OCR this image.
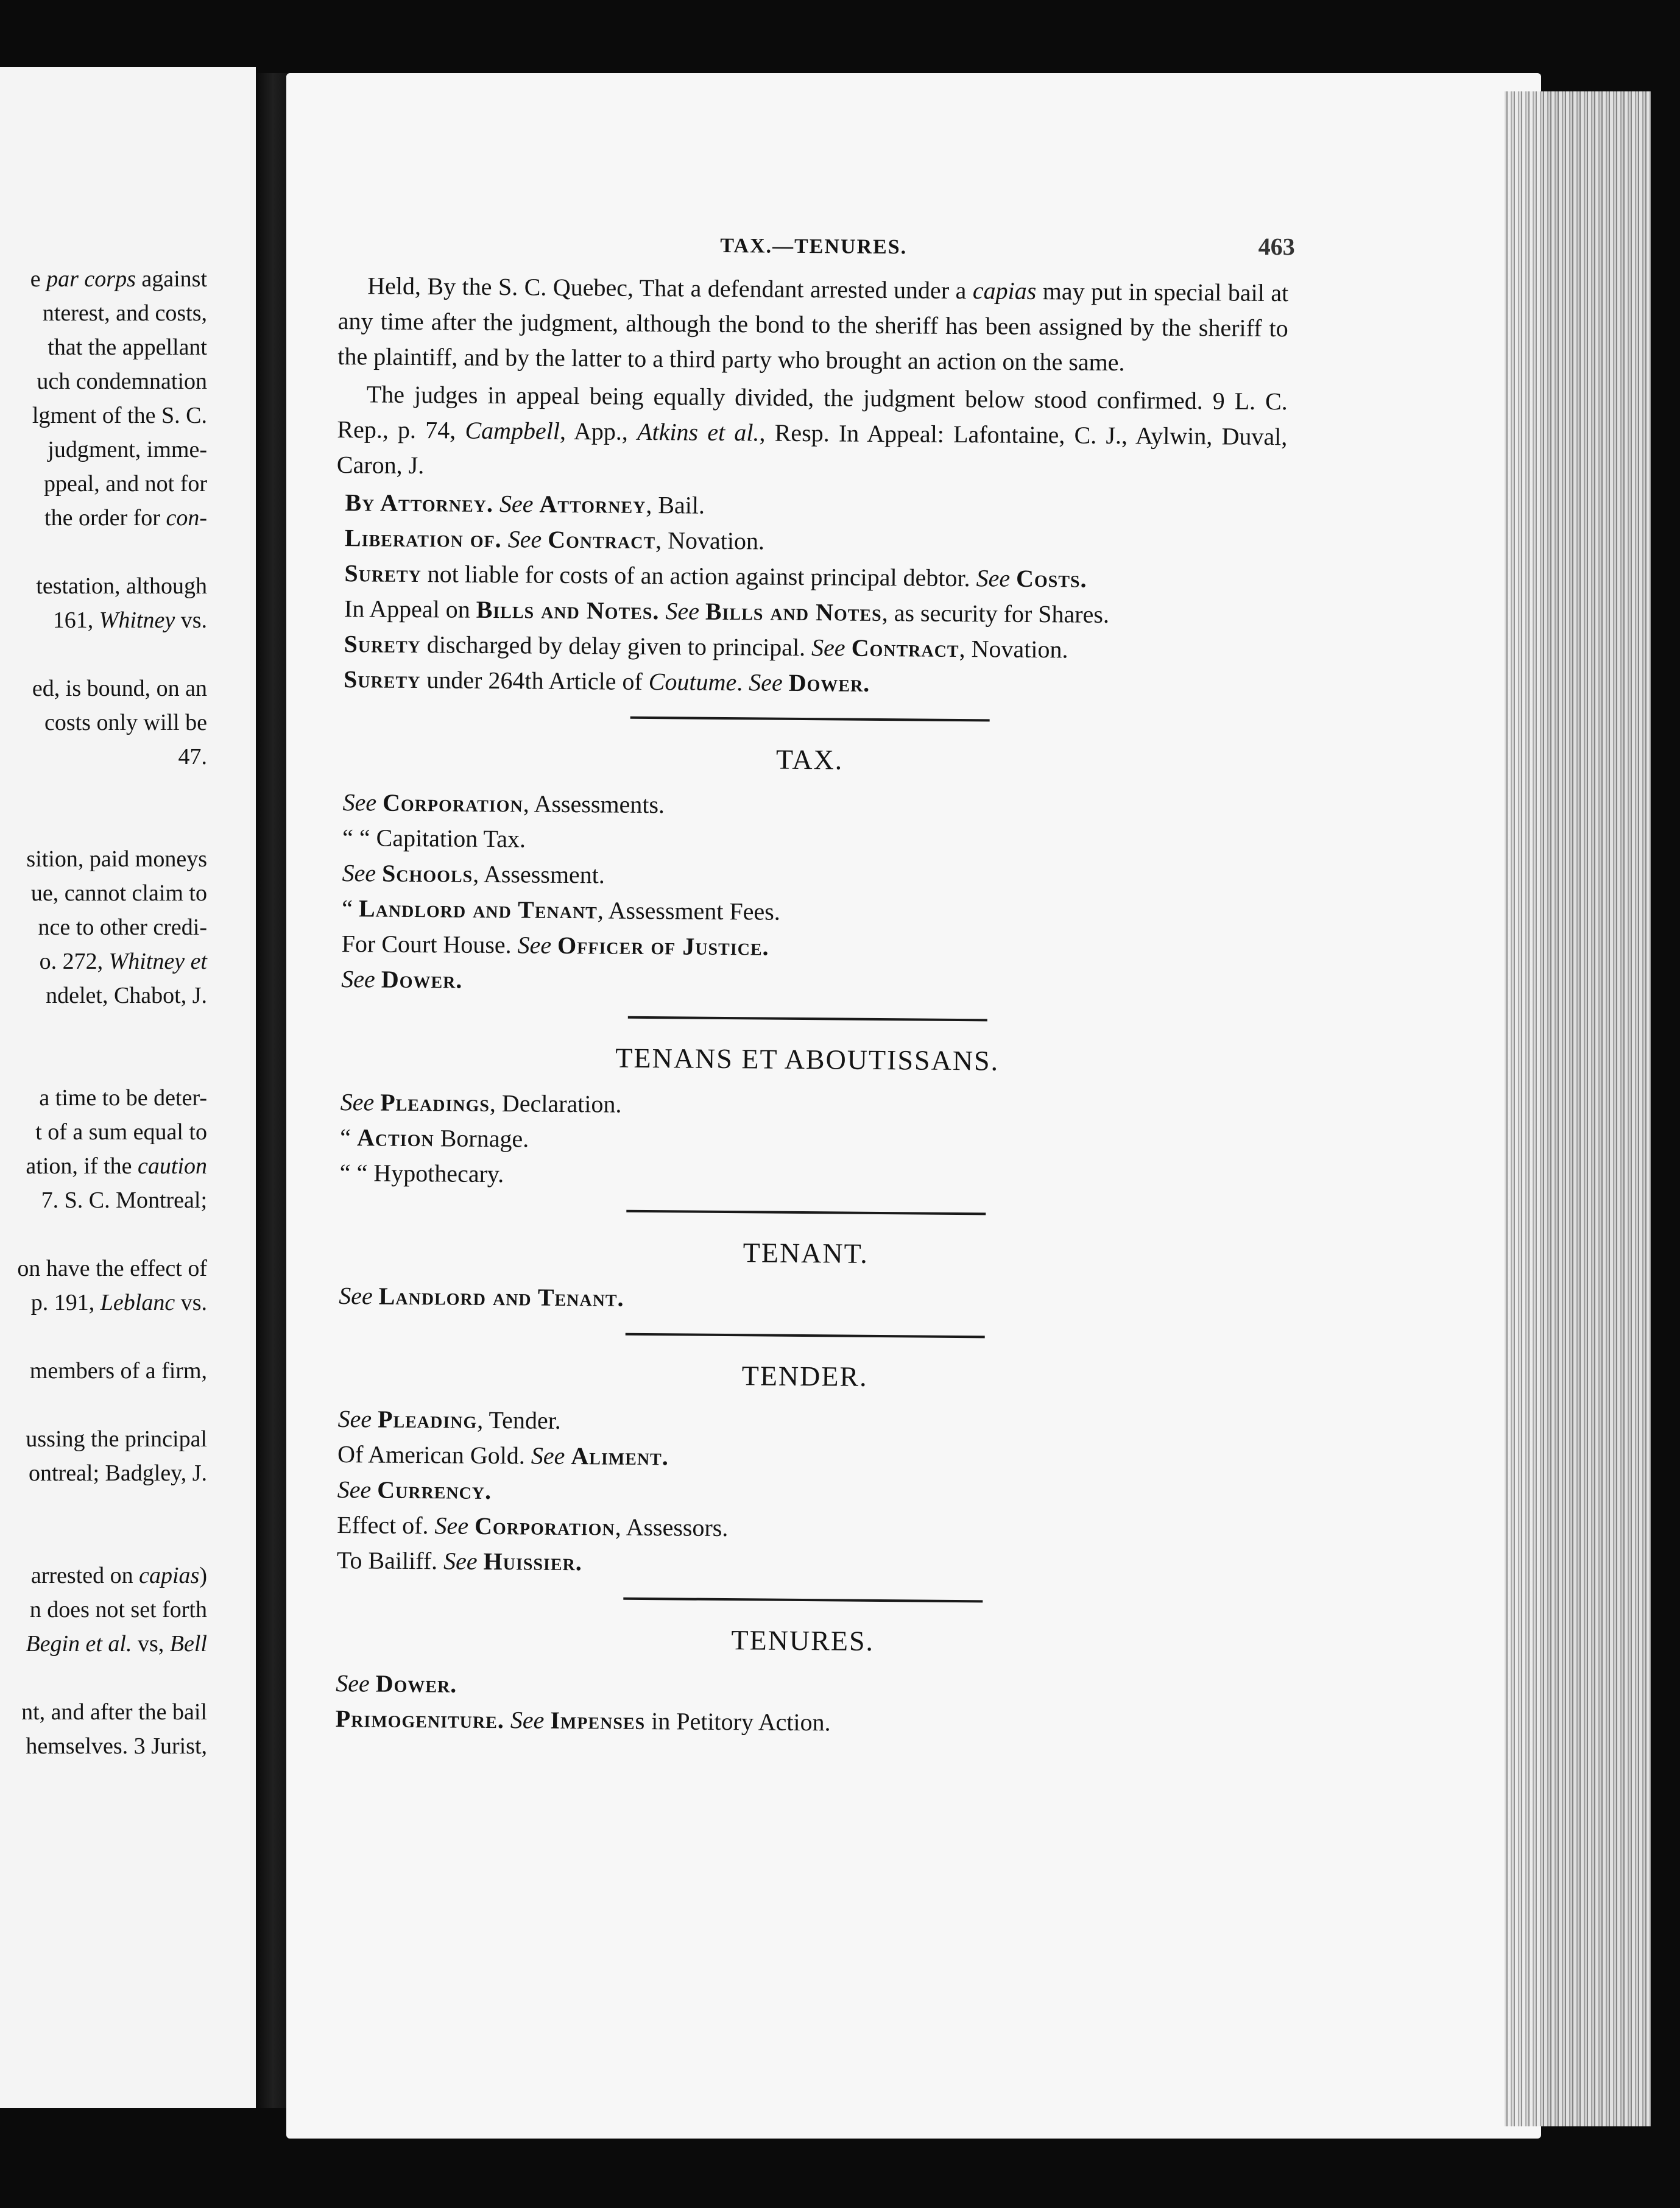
e par corps against
nterest, and costs,
that the appellant
uch condemnation
lgment of the S. C.
judgment, imme-
ppeal, and not for
the order for con-
testation, although
161, Whitney vs.
ed, is bound, on an
costs only will be
47.
sition, paid moneys
ue, cannot claim to
nce to other credi-
o. 272, Whitney et
ndelet, Chabot, J.
a time to be deter-
t of a sum equal to
ation, if the caution
7. S. C. Montreal;
on have the effect of
p. 191, Leblanc vs.
members of a firm,
ussing the principal
ontreal; Badgley, J.
arrested on capias)
n does not set forth
Begin et al. vs, Bell
nt, and after the bail
hemselves. 3 Jurist,
TAX.—TENURES.	463

Held, By the S. C. Quebec, That a defendant arrested under a capias may put in special bail at any time after the judgment, although the bond to the sheriff has been assigned by the sheriff to the plaintiff, and by the latter to a third party who brought an action on the same.

The judges in appeal being equally divided, the judgment below stood confirmed. 9 L. C. Rep., p. 74, Campbell, App., Atkins et al., Resp. In Appeal: Lafontaine, C. J., Aylwin, Duval, Caron, J.

By Attorney. See Attorney, Bail.

Liberation of. See Contract, Novation.

Surety not liable for costs of an action against principal debtor. See Costs.

In Appeal on Bills and Notes. See Bills and Notes, as security for Shares.

Surety discharged by delay given to principal. See Contract, Novation.

Surety under 264th Article of Coutume. See Dower.

TAX.

See Corporation, Assessments.

“ “ Capitation Tax.

See Schools, Assessment.

“ Landlord and Tenant, Assessment Fees.

For Court House. See Officer of Justice.

See Dower.

TENANS ET ABOUTISSANS.

See Pleadings, Declaration.

“ Action Bornage.

“ “ Hypothecary.

TENANT.

See Landlord and Tenant.

TENDER.

See Pleading, Tender.

Of American Gold. See Aliment.

See Currency.

Effect of. See Corporation, Assessors.

To Bailiff. See Huissier.

TENURES.

See Dower.

Primogeniture. See Impenses in Petitory Action.
